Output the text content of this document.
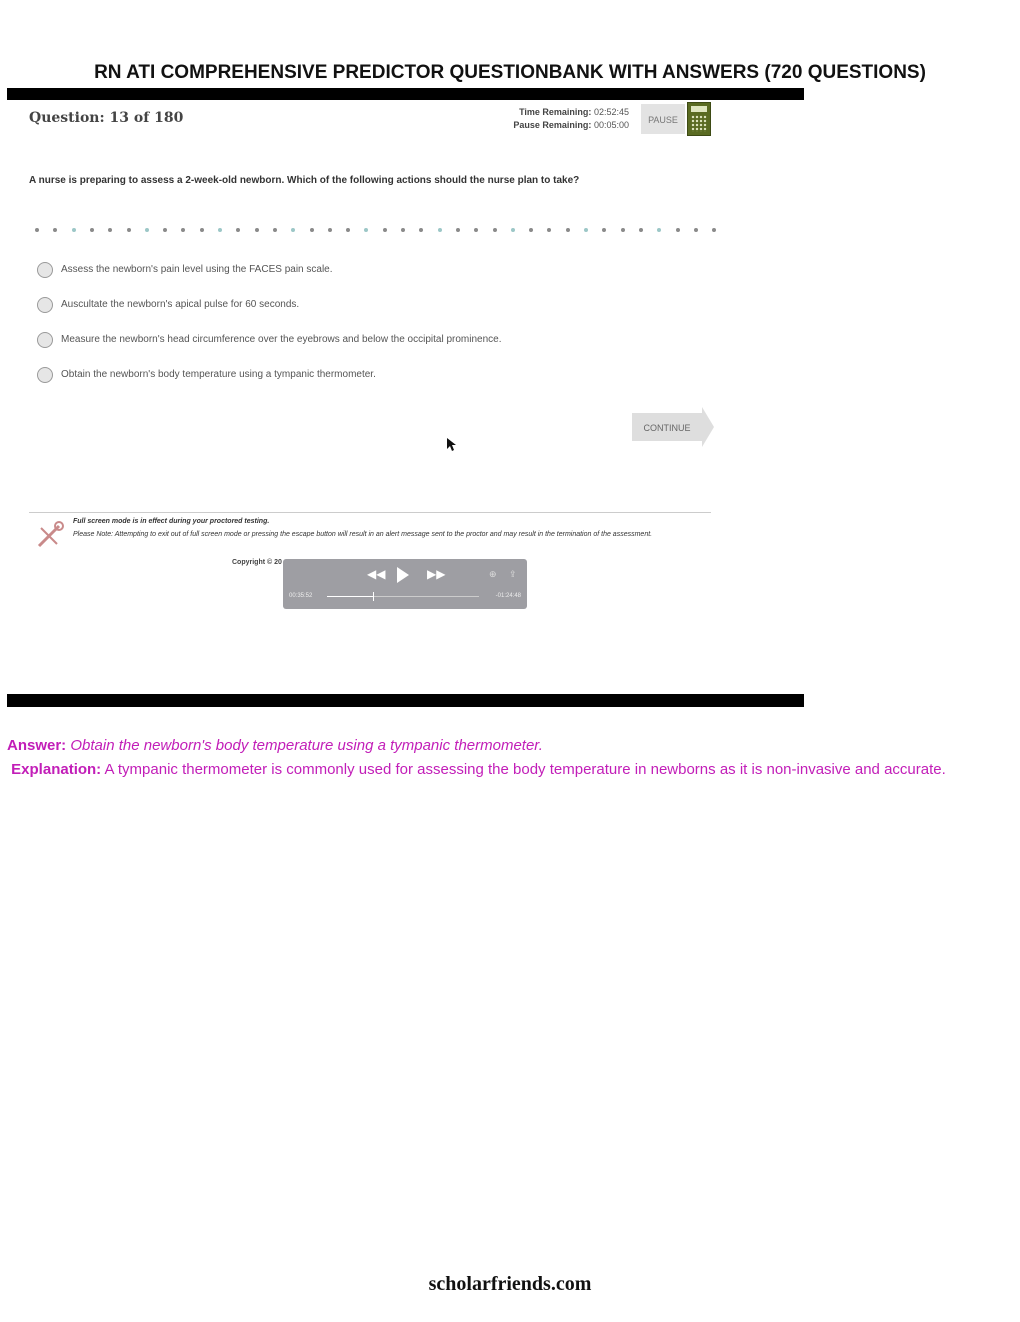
RN ATI COMPREHENSIVE PREDICTOR QUESTIONBANK WITH ANSWERS (720 QUESTIONS)
Question: 13 of 180	Time Remaining: 02:52:45
Pause Remaining: 00:05:00	PAUSE
A nurse is preparing to assess a 2-week-old newborn. Which of the following actions should the nurse plan to take?
Assess the newborn's pain level using the FACES pain scale.
Auscultate the newborn's apical pulse for 60 seconds.
Measure the newborn's head circumference over the eyebrows and below the occipital prominence.
Obtain the newborn's body temperature using a tympanic thermometer.
CONTINUE
Full screen mode is in effect during your proctored testing.
Please Note: Attempting to exit out of full screen mode or pressing the escape button will result in an alert message sent to the proctor and may result in the termination of the assessment.
Copyright © 20
◀◀	▶▶	⊕ ⇪
00:35:52	-01:24:48
Answer: Obtain the newborn's body temperature using a tympanic thermometer.
Explanation: A tympanic thermometer is commonly used for assessing the body temperature in newborns as it is non-invasive and accurate.
scholarfriends.com
